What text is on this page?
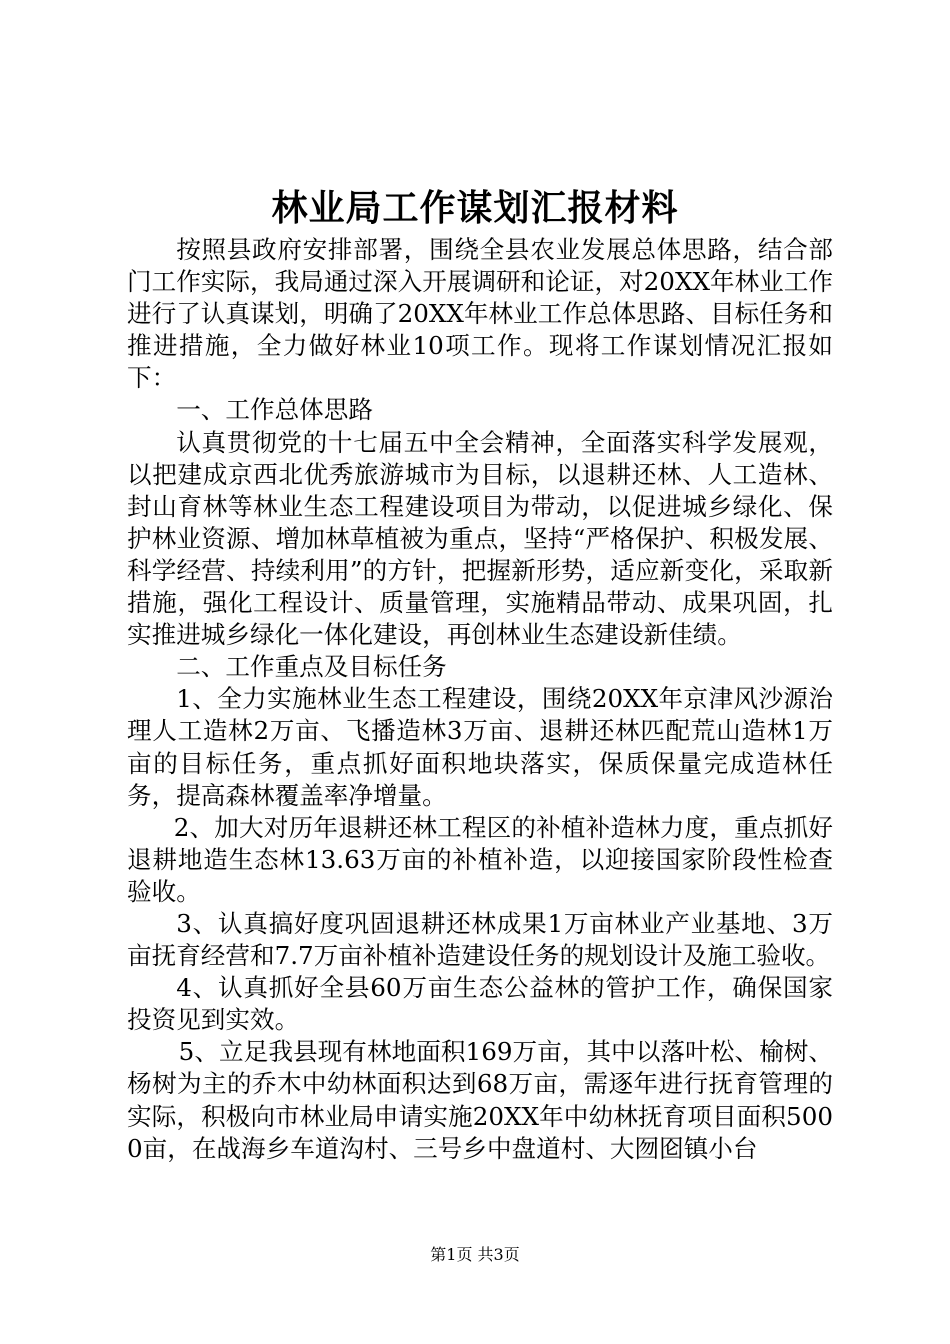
林业局工作谋划汇报材料

按照县政府安排部署，围绕全县农业发展总体思路，结合部门工作实际，我局通过深入开展调研和论证，对20XX年林业工作进行了认真谋划，明确了20XX年林业工作总体思路、目标任务和推进措施，全力做好林业10项工作。现将工作谋划情况汇报如下：

一、工作总体思路

认真贯彻党的十七届五中全会精神，全面落实科学发展观，以把建成京西北优秀旅游城市为目标，以退耕还林、人工造林、封山育林等林业生态工程建设项目为带动，以促进城乡绿化、保护林业资源、增加林草植被为重点，坚持“严格保护、积极发展、科学经营、持续利用”的方针，把握新形势，适应新变化，采取新措施，强化工程设计、质量管理，实施精品带动、成果巩固，扎实推进城乡绿化一体化建设，再创林业生态建设新佳绩。

二、工作重点及目标任务

1、全力实施林业生态工程建设，围绕20XX年京津风沙源治理人工造林2万亩、飞播造林3万亩、退耕还林匹配荒山造林1万亩的目标任务，重点抓好面积地块落实，保质保量完成造林任务，提高森林覆盖率净增量。

2、加大对历年退耕还林工程区的补植补造林力度，重点抓好退耕地造生态林13.63万亩的补植补造，以迎接国家阶段性检查验收。

3、认真搞好度巩固退耕还林成果1万亩林业产业基地、3万亩抚育经营和7.7万亩补植补造建设任务的规划设计及施工验收。

4、认真抓好全县60万亩生态公益林的管护工作，确保国家投资见到实效。

5、立足我县现有林地面积169万亩，其中以落叶松、榆树、杨树为主的乔木中幼林面积达到68万亩，需逐年进行抚育管理的实际，积极向市林业局申请实施20XX年中幼林抚育项目面积5000亩，在战海乡车道沟村、三号乡中盘道村、大囫囵镇小台

第1页 共3页
